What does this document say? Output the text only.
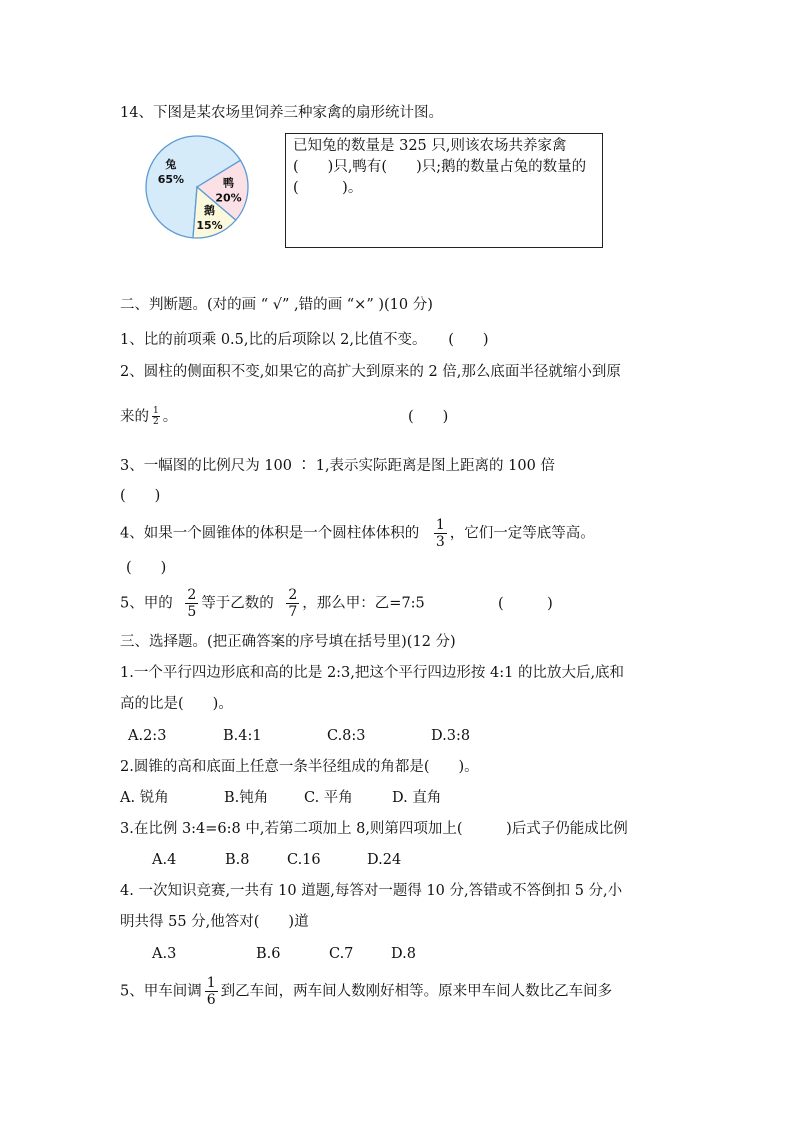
14、下图是某农场里饲养三种家禽的扇形统计图。
兔
65%	鸭
20%
鹅
15%
已知兔的数量是 325 只,则该农场共养家禽(　　)只,鸭有(　　)只;鹅的数量占兔的数量的 (　　　)。
二、判断题。(对的画 “ √” ,错的画 “×” )(10 分)
1、比的前项乘 0.5,比的后项除以 2,比值不变。　　(　　)
2、圆柱的侧面积不变,如果它的高扩大到原来的 2 倍,那么底面半径就缩小到原
来的 $\frac{1}{2}$ 。	(　　)
3、一幅图的比例尺为 100 ∶ 1,表示实际距离是图上距离的 100 倍
(　　)
4、如果一个圆锥体的体积是一个圆柱体体积的 $\frac{1}{3}$ ，它们一定等底等高。
(　　)
5、甲的 $\frac{2}{5}$ 等于乙数的 $\frac{2}{7}$ ，那么甲：乙=7:5	(　　　)
三、选择题。(把正确答案的序号填在括号里)(12 分)
1.一个平行四边形底和高的比是 2:3,把这个平行四边形按 4:1 的比放大后,底和
高的比是(　　)。
A.2:3	B.4:1	C.8:3	D.3:8
2.圆锥的高和底面上任意一条半径组成的角都是(　　)。
A. 锐角	B.钝角 C. 平角	D. 直角
3.在比例 3:4=6:8 中,若第二项加上 8,则第四项加上(　　　)后式子仍能成比例
A.4	B.8	C.16	D.24
4. 一次知识竞赛,一共有 10 道题,每答对一题得 10 分,答错或不答倒扣 5 分,小
明共得 55 分,他答对(　　)道
A.3	B.6	C.7	D.8
5、甲车间调 $\frac{1}{6}$ 到乙车间，两车间人数刚好相等。原来甲车间人数比乙车间多
